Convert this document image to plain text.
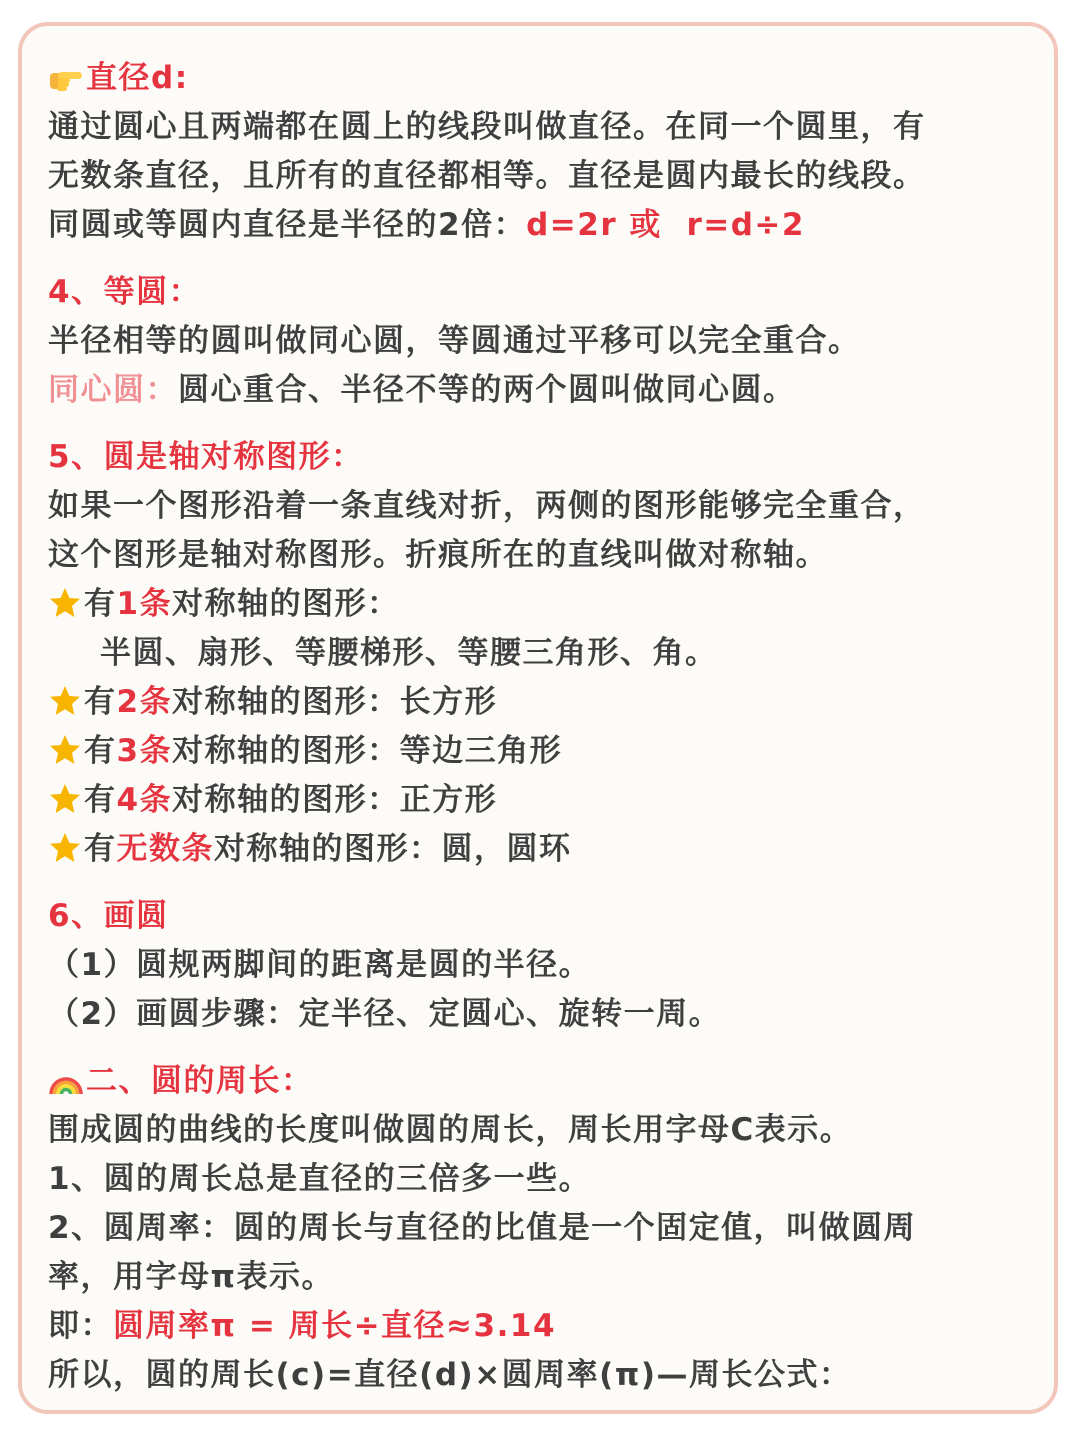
直径d:
通过圆心且两端都在圆上的线段叫做直径。在同一个圆里，有
无数条直径，且所有的直径都相等。直径是圆内最长的线段。
同圆或等圆内直径是半径的2倍：d=2r 或  r=d÷2
4、等圆：
半径相等的圆叫做同心圆，等圆通过平移可以完全重合。
同心圆：圆心重合、半径不等的两个圆叫做同心圆。
5、圆是轴对称图形：
如果一个图形沿着一条直线对折，两侧的图形能够完全重合，
这个图形是轴对称图形。折痕所在的直线叫做对称轴。
有1条对称轴的图形：
半圆、扇形、等腰梯形、等腰三角形、角。
有2条对称轴的图形：长方形
有3条对称轴的图形：等边三角形
有4条对称轴的图形：正方形
有无数条对称轴的图形：圆，圆环
6、画圆
（1）圆规两脚间的距离是圆的半径。
（2）画圆步骤：定半径、定圆心、旋转一周。
二、圆的周长：
围成圆的曲线的长度叫做圆的周长，周长用字母C表示。
1、圆的周长总是直径的三倍多一些。
2、圆周率：圆的周长与直径的比值是一个固定值，叫做圆周
率，用字母π表示。
即：圆周率π = 周长÷直径≈3.14
所以，圆的周长(c)=直径(d)×圆周率(π)—周长公式：
